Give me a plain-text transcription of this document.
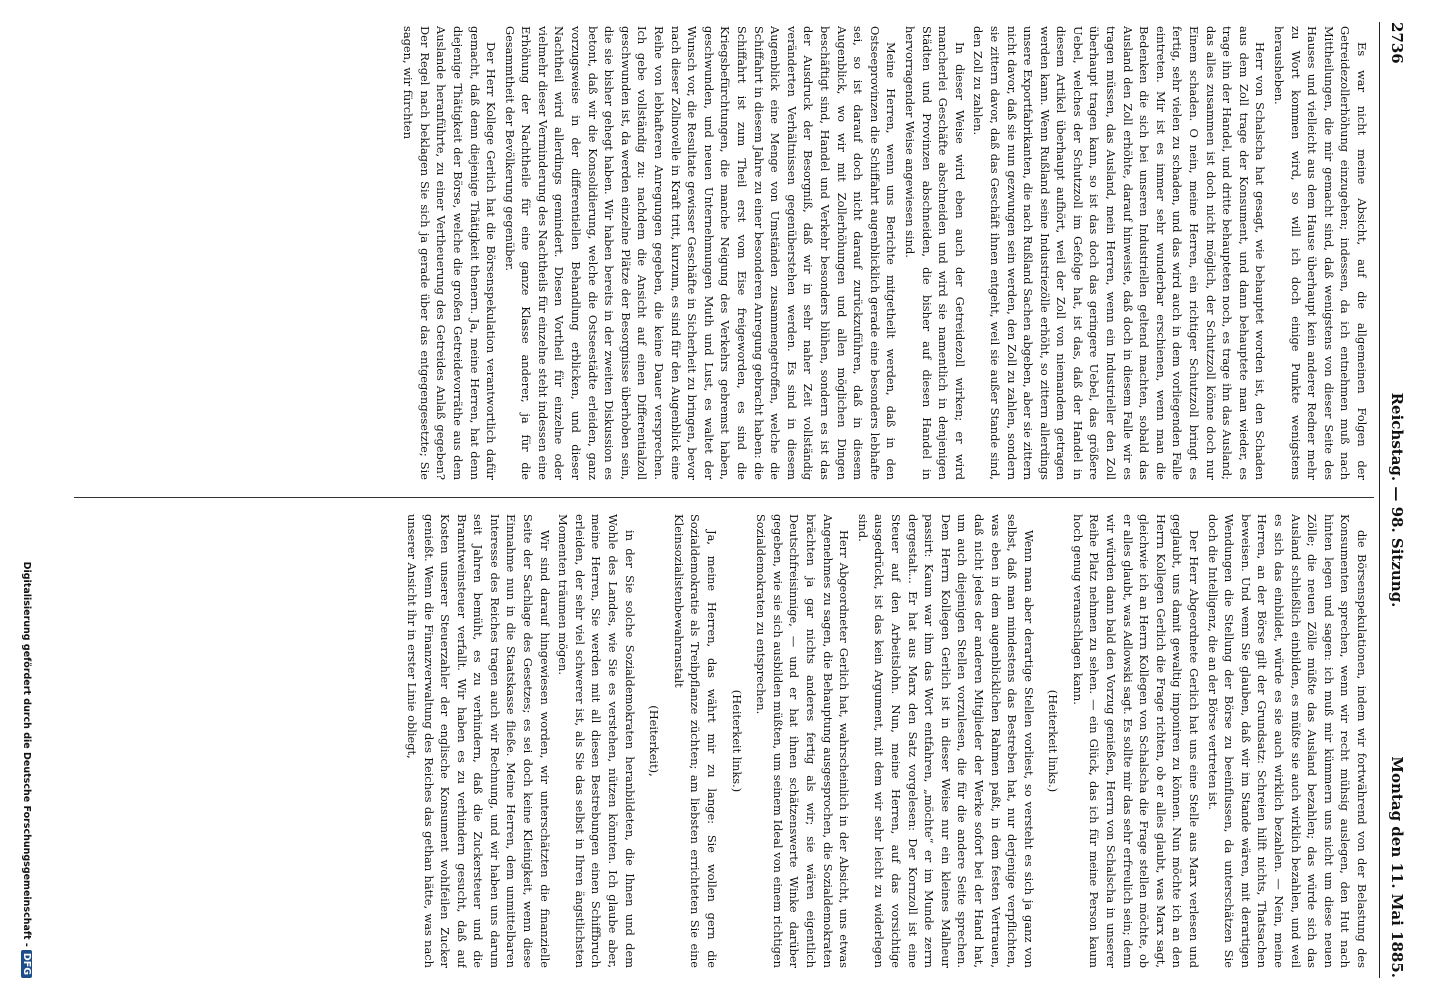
2736
Reichstag. — 98. Sitzung.
Montag den 11. Mai 1885.

Es war nicht meine Absicht, auf die allgemeinen Folgen der Getreidezollerhöhung einzugehen; indessen, da ich entnehmen muß nach Mittheilungen, die mir gemacht sind, daß wenigstens von dieser Seite des Hauses und vielleicht aus dem Hause überhaupt kein anderer Redner mehr zu Wort kommen wird, so will ich doch einige Punkte wenigstens herausheben.

Herr von Schalscha hat gesagt, wie behauptet worden ist, den Schaden aus dem Zoll trage der Konsument, und dann behauptete man wieder, es trage ihn der Handel, und dritte behaupteten noch, es trage ihn das Ausland; das alles zusammen ist doch nicht möglich, der Schutzzoll könne doch nur Einem schaden. O nein, meine Herren, ein richtiger Schutzzoll bringt es fertig, sehr vielen zu schaden, und das wird auch in dem vorliegenden Falle eintreten. Mir ist es immer sehr wunderbar erschienen, wenn man die Bedenken die sich bei unseren Industriellen geltend machten, sobald das Ausland den Zoll erhöhte, darauf hinweiste, daß doch in diesem Falle wir es tragen müssen, das Ausland, mein Herren, wenn ein Industrieller den Zoll überhaupt tragen kann, so ist das doch das geringere Uebel, das größere Uebel, welches der Schutzzoll im Gefolge hat, ist das, daß der Handel in diesem Artikel überhaupt aufhört, weil der Zoll von niemandem getragen werden kann. Wenn Rußland seine Industriezölle erhöht, so zittern allerdings unsere Exportfabrikanten, die nach Rußland Sachen abgeben, aber sie zittern nicht davor, daß sie nun gezwungen sein werden, den Zoll zu zahlen, sondern sie zittern davor, daß das Geschäft ihnen entgeht, weil sie außer Stande sind, den Zoll zu zahlen.

In dieser Weise wird eben auch der Getreidezoll wirken; er wird mancherlei Geschäfte abschneiden und wird sie namentlich in denjenigen Städten und Provinzen abschneiden, die bisher auf diesen Handel in hervorragender Weise angewiesen sind.

Meine Herren, wenn uns Berichte mitgetheilt werden, daß in den Ostseeprovinzen die Schiffahrt augenblicklich gerade eine besonders lebhafte sei, so ist darauf doch nicht darauf zurückzuführen, daß in diesem Augenblick, wo wir mit Zollerhöhungen und allen möglichen Dingen beschäftigt sind, Handel und Verkehr besonders blühen, sondern es ist das der Ausdruck der Besorgniß, daß wir in sehr naher Zeit vollständig veränderten Verhältnissen gegenüberstehen werden. Es sind in diesem Augenblick eine Menge von Umständen zusammengetroffen, welche die Schiffahrt in diesem Jahre zu einer besonderen Anregung gebracht haben: die Schiffahrt ist zum Theil erst vom Eise freigeworden, es sind die Kriegsbefürchtungen, die manche Neigung des Verkehrs gebremst haben, geschwunden, und neuen Unternehmungen Muth und Lust, es waltet der Wunsch vor, die Resultate gewisser Geschäfte in Sicherheit zu bringen, bevor nach dieser Zollnovelle in Kraft tritt, kurzum, es sind für den Augenblick eine Reihe von lebhafteren Anregungen gegeben, die keine Dauer versprechen. Ich gebe vollständig zu: nachdem die Ansicht auf einen Differentialzoll geschwunden ist, da werden einzelne Plätze der Besorgnisse überhoben sein, die sie bisher gehegt haben. Wir haben bereits in der zweiten Diskussion es betont, daß wir die Konsolidierung, welche die Ostseestädte erleiden, ganz vorzugsweise in der differentiellen Behandlung erblicken, und dieser Nachtheil wird allerdings gemindert. Diesen Vortheil für einzelne oder vielmehr dieser Verminderung des Nachtheils für einzelne steht indessen eine Erhöhung der Nachtheile für eine ganze Klasse anderer, ja für die Gesammtheit der Bevölkerung gegenüber.

Der Herr Kollege Gerlich hat die Börsenspekulation verantwortlich dafür gemacht, daß denn diejenige Thätigkeit thenern. Ja, meine Herren, hat denn diejenige Thätigkeit der Börse, welche die großen Getreidevorräthe aus dem Auslande heranführte, zu einer Vertheuerung des Getreides Anlaß gegeben? Der Regel nach beklagen Sie sich ja gerade über das entgegengesetzte; Sie sagen, wir fürchten

die Börsenspekulationen, indem wir fortwährend von der Belastung des Konsumenten sprechen, wenn wir recht mühsig auslegen, den Hut nach hinten legen und sagen: ich muß mir kümmern uns nicht um diese neuen Zölle; die neuen Zölle müßte das Ausland bezahlen; das würde sich das Ausland schließlich einbilden, es müßte sie auch wirklich bezahlen, und weil es sich das einbildet, würde es sie auch wirklich bezahlen. — Nein, meine Herren, an der Börse gilt der Grundsatz: Schreien hilft nichts, Thatsachen beweisen. Und wenn Sie glauben, daß wir im Stande wären, mit derartigen Wendungen die Stellung der Börse zu beeinflussen, da unterschätzen Sie doch die Intelligenz, die an der Börse vertreten ist.

Der Herr Abgeordnete Gerlich hat uns eine Stelle aus Marx verlesen und geglaubt, uns damit gewaltig imponiren zu können. Nun möchte ich an den Herrn Kollegen Gerlich die Frage richten, ob er alles glaubt, was Marx sagt, gleichwie ich an Herrn Kollegen von Schalscha die Frage stellen möchte, ob er alles glaubt, was Adlowski sagt. Es sollte mir das sehr erfreulich sein; denn wir würden dann bald den Vorzug genießen, Herrn von Schalscha in unserer Reihe Platz nehmen zu sehen. — ein Glück, das ich für meine Person kaum hoch genug veranschlagen kann.

(Heiterkeit links.)

Wenn man aber derartige Stellen vorliest, so versteht es sich ja ganz von selbst, daß man mindestens das Bestreben hat, nur derjenige verpflichten, was eben in dem augenblicklichen Rahmen paßt, in dem festen Vertrauen, daß nicht jedes der anderen Mitglieder der Werke sofort bei der Hand hat, um auch diejenigen Stellen vorzulesen, die für die andere Seite sprechen. Dem Herrn Kollegen Gerlich ist in dieser Weise nur ein kleines Malheur passirt: Kaum war ihm das Wort entfahren, „möchte“ er im Munde zerrn dergestalt... Er hat aus Marx den Satz vorgelesen: Der Kornzoll ist eine Steuer auf den Arbeitslohn. Nun, meine Herren, auf das vorsichtige ausgedrückt, ist das kein Argument, mit dem wir sehr leicht zu widerlegen sind.

Herr Abgeordneter Gerlich hat, wahrscheinlich in der Absicht, uns etwas Angenehmes zu sagen, die Behauptung ausgesprochen, die Sozialdemokraten brächten ja gar nichts anderes fertig als wir; sie wären eigentlich Deutschfreisinnige, — und er hat ihnen schätzenswerte Winke darüber gegeben, wie sie sich ausbilden müßten, um seinem Ideal von einem richtigen Sozialdemokraten zu entsprechen.

(Heiterkeit links.)

Ja, meine Herren, das währt mir zu lange: Sie wollen gern die Sozialdemokratie als Treibpflanze züchten; am liebsten errichteten Sie eine Kleinsozialistenbewahranstalt

(Heiterkeit),

in der Sie solche Sozialdemokraten heranbildeten, die Ihnen und dem Wohle des Landes, wie Sie es verstehen, nützen könnten. Ich glaube aber, meine Herren, Sie werden mit all diesen Bestrebungen einen Schiffbruch erleiden, der sehr viel schwerer ist, als Sie das selbst in Ihren ängstlichsten Momenten träumen mögen.

Wir sind darauf hingewiesen worden, wir unterschätzten die finanzielle Seite der Sachlage des Gesetzes; es sei doch keine Kleinigkeit, wenn diese Einnahme nun in die Staatskasse fließe. Meine Herren, dem unmittelbaren Interesse des Reiches tragen auch wir Rechnung, und wir haben uns darum seit Jahren bemüht, es zu verhindern, daß die Zuckersteuer und die Branntweinsteuer verfallt. Wir haben es zu verhindern gesucht, daß auf Kosten unserer Steuerzahler der englische Konsument wohlfeilen Zucker genießt. Wenn die Finanzverwaltung des Reiches das gethan hätte, was nach unserer Ansicht ihr in erster Linie obliegt,

Digitalisierung gefördert durch die Deutsche Forschungsgemeinschaft -DFG
